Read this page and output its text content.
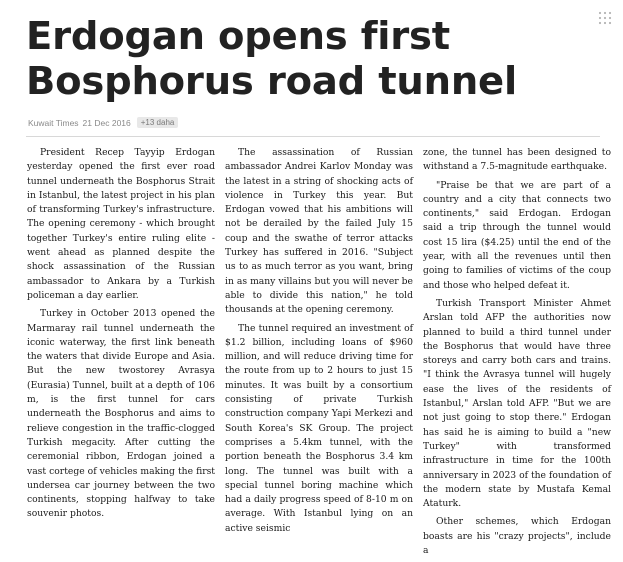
Erdogan opens first Bosphorus road tunnel
Kuwait Times 21 Dec 2016	+13 daha

President Recep Tayyip Erdogan yesterday opened the first ever road tunnel underneath the Bosphorus Strait in Istanbul, the latest project in his plan of transforming Turkey's infrastructure. The opening ceremony - which brought together Turkey's entire ruling elite - went ahead as planned despite the shock assassination of the Russian ambassador to Ankara by a Turkish policeman a day earlier.

Turkey in October 2013 opened the Marmaray rail tunnel underneath the iconic waterway, the first link beneath the waters that divide Europe and Asia. But the new twostorey Avrasya (Eurasia) Tunnel, built at a depth of 106 m, is the first tunnel for cars underneath the Bosphorus and aims to relieve congestion in the traffic-clogged Turkish megacity. After cutting the ceremonial ribbon, Erdogan joined a vast cortege of vehicles making the first undersea car journey between the two continents, stopping halfway to take souvenir photos.

The assassination of Russian ambassador Andrei Karlov Monday was the latest in a string of shocking acts of violence in Turkey this year. But Erdogan vowed that his ambitions will not be derailed by the failed July 15 coup and the swathe of terror attacks Turkey has suffered in 2016. "Subject us to as much terror as you want, bring in as many villains but you will never be able to divide this nation," he told thousands at the opening ceremony.

The tunnel required an investment of $1.2 billion, including loans of $960 million, and will reduce driving time for the route from up to 2 hours to just 15 minutes. It was built by a consortium consisting of private Turkish construction company Yapi Merkezi and South Korea's SK Group. The project comprises a 5.4km tunnel, with the portion beneath the Bosphorus 3.4 km long. The tunnel was built with a special tunnel boring machine which had a daily progress speed of 8-10 m on average. With Istanbul lying on an active seismic

zone, the tunnel has been designed to withstand a 7.5-magnitude earthquake.

"Praise be that we are part of a country and a city that connects two continents," said Erdogan. Erdogan said a trip through the tunnel would cost 15 lira ($4.25) until the end of the year, with all the revenues until then going to families of victims of the coup and those who helped defeat it.

Turkish Transport Minister Ahmet Arslan told AFP the authorities now planned to build a third tunnel under the Bosphorus that would have three storeys and carry both cars and trains. "I think the Avrasya tunnel will hugely ease the lives of the residents of Istanbul," Arslan told AFP. "But we are not just going to stop there." Erdogan has said he is aiming to build a "new Turkey" with transformed infrastructure in time for the 100th anniversary in 2023 of the foundation of the modern state by Mustafa Kemal Ataturk.

Other schemes, which Erdogan boasts are his "crazy projects", include a
